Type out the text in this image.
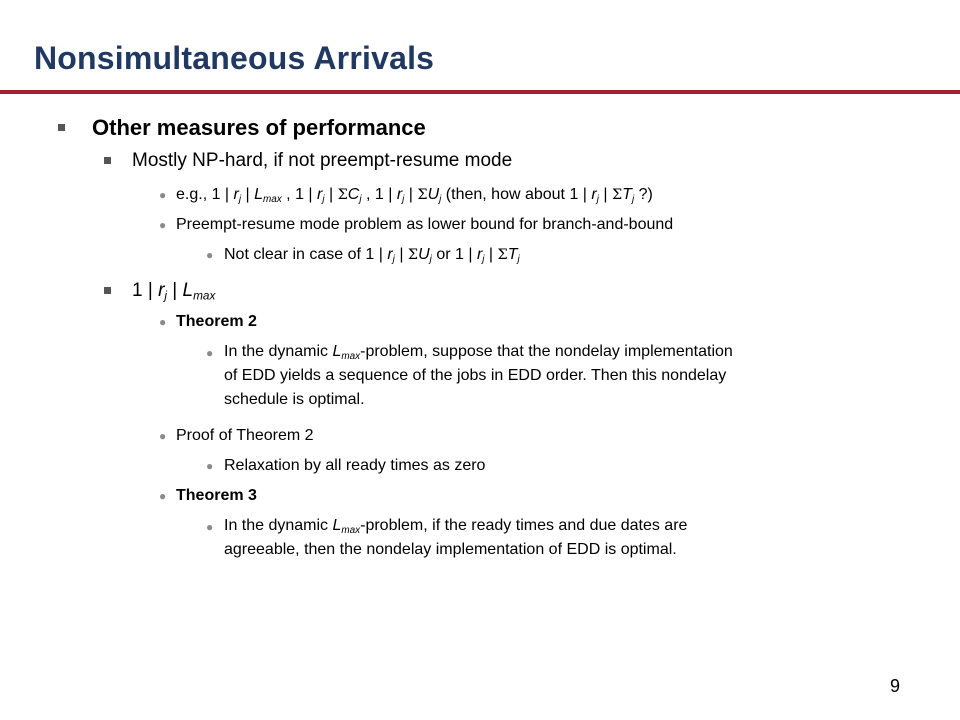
Nonsimultaneous Arrivals
Other measures of performance
Mostly NP-hard, if not preempt-resume mode
● e.g., 1 | $r_j$ | $L_{max}$ , 1 | $r_j$ | $\Sigma C_j$ , 1 | $r_j$ | $\Sigma U_j$ (then, how about 1 | $r_j$ | $\Sigma T_j$ ?)
● Preempt-resume mode problem as lower bound for branch-and-bound
● Not clear in case of 1 | $r_j$ | $\Sigma U_j$ or 1 | $r_j$ | $\Sigma T_j$
1 | $r_j$ | $L_{max}$
● Theorem 2
● In the dynamic $L_{max}$-problem, suppose that the nondelay implementation
of EDD yields a sequence of the jobs in EDD order. Then this nondelay
schedule is optimal.
● Proof of Theorem 2
● Relaxation by all ready times as zero
● Theorem 3
● In the dynamic $L_{max}$-problem, if the ready times and due dates are
agreeable, then the nondelay implementation of EDD is optimal.
9
